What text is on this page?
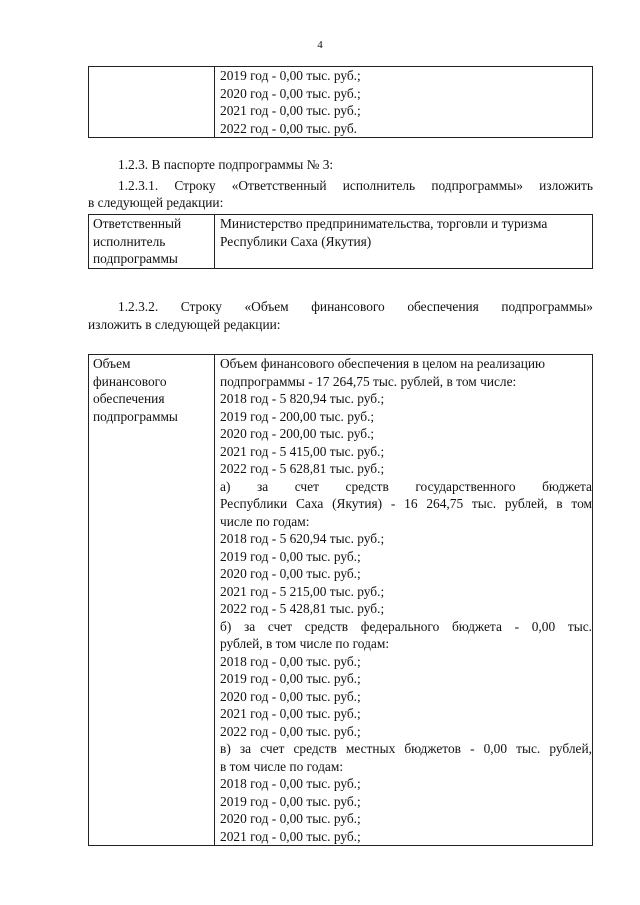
4

2019 год - 0,00 тыс. руб.;
2020 год - 0,00 тыс. руб.;
2021 год - 0,00 тыс. руб.;
2022 год - 0,00 тыс. руб.
1.2.3. В паспорте подпрограммы № 3:
1.2.3.1. Строку «Ответственный исполнитель подпрограммы» изложить
в следующей редакции:
Ответственный
исполнитель
подпрограммы

Министерство предпринимательства, торговли и туризма
Республики Саха (Якутия)
1.2.3.2. Строку «Объем финансового обеспечения подпрограммы»
изложить в следующей редакции:
Объем
финансового
обеспечения
подпрограммы

Объем финансового обеспечения в целом на реализацию
подпрограммы - 17 264,75 тыс. рублей, в том числе:
2018 год - 5 820,94 тыс. руб.;
2019 год - 200,00 тыс. руб.;
2020 год - 200,00 тыс. руб.;
2021 год - 5 415,00 тыс. руб.;
2022 год - 5 628,81 тыс. руб.;
а) за счет средств государственного бюджета
Республики Саха (Якутия) - 16 264,75 тыс. рублей, в том
числе по годам:
2018 год - 5 620,94 тыс. руб.;
2019 год - 0,00 тыс. руб.;
2020 год - 0,00 тыс. руб.;
2021 год - 5 215,00 тыс. руб.;
2022 год - 5 428,81 тыс. руб.;
б) за счет средств федерального бюджета - 0,00 тыс.
рублей, в том числе по годам:
2018 год - 0,00 тыс. руб.;
2019 год - 0,00 тыс. руб.;
2020 год - 0,00 тыс. руб.;
2021 год - 0,00 тыс. руб.;
2022 год - 0,00 тыс. руб.;
в) за счет средств местных бюджетов - 0,00 тыс. рублей,
в том числе по годам:
2018 год - 0,00 тыс. руб.;
2019 год - 0,00 тыс. руб.;
2020 год - 0,00 тыс. руб.;
2021 год - 0,00 тыс. руб.;
